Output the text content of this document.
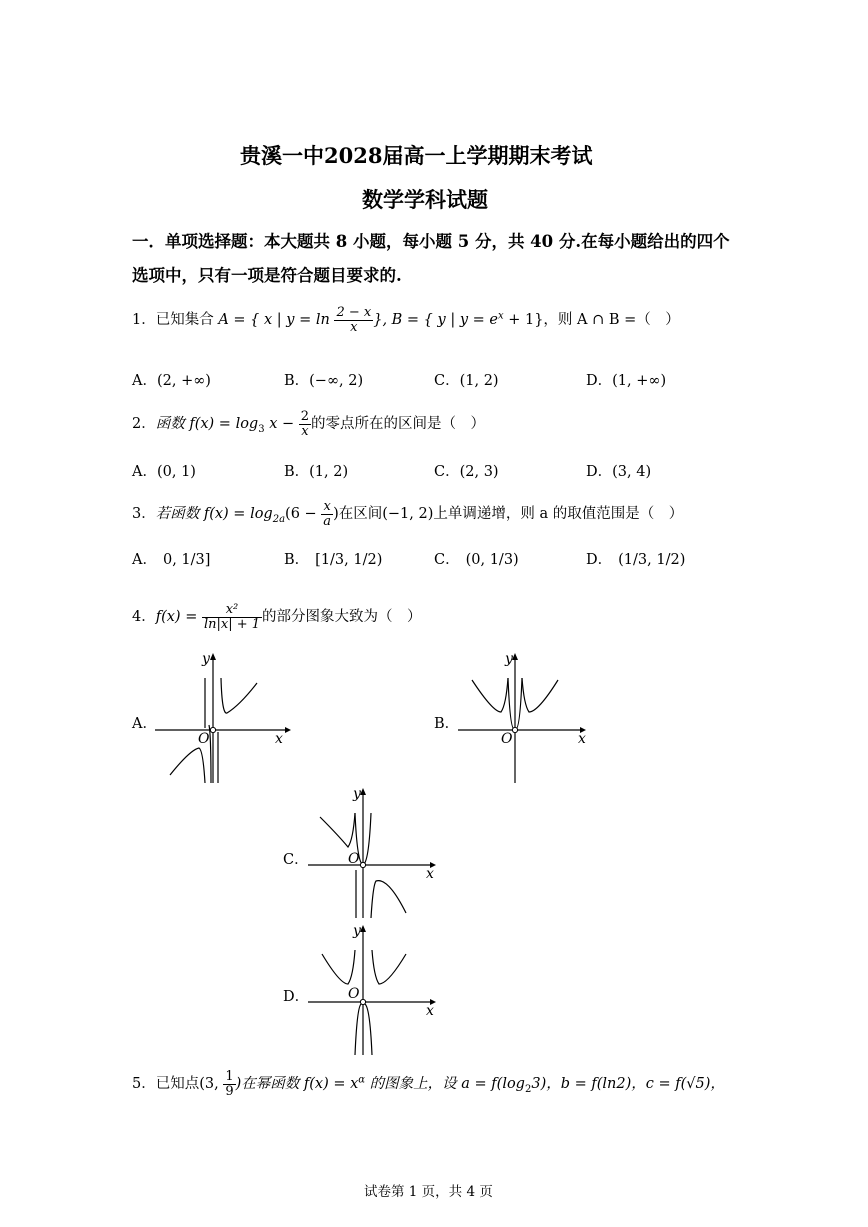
贵溪一中2028届高一上学期期末考试
数学学科试题
一．单项选择题：本大题共 8 小题，每小题 5 分，共 40 分.在每小题给出的四个
选项中，只有一项是符合题目要求的.
1．已知集合 A = { x | $y = \ln \frac{2 - x}{x}$ }, B = { y | $y = e^x + 1$}，则 A ∩ B =（　）
A．(2, +∞)	B．(−∞, 2)	C．(1, 2)	D．(1, +∞)
2．函数 $f(x) = \log_3 x - \frac{2}{x}$ 的零点所在的区间是（　）
A．(0, 1)	B．(1, 2)	C．(2, 3)	D．(3, 4)
3．若函数 $f(x) = \log_{2a}(6 - \frac{x}{a}$ )在区间(−1, 2)上单调递增，则 a 的取值范围是（　）
A． 0, 1/3]	B． [1/3, 1/2)	C． (0, 1/3)	D． (1/3, 1/2)
4．$f(x) = \frac{\text{x²}}{\ln|x| + 1}$ 的部分图象大致为（　）
A．
y
x
O
B．
y
x
O
C．
y
x
O
D．
y
x
O
5．已知点(3, $\frac{1}{9}$ )在幂函数 $f(x) = x^\alpha$ 的图象上，设 $a = f(\log_23)$，b = f(ln2)，c = f(√5)，
试卷第 1 页，共 4 页
